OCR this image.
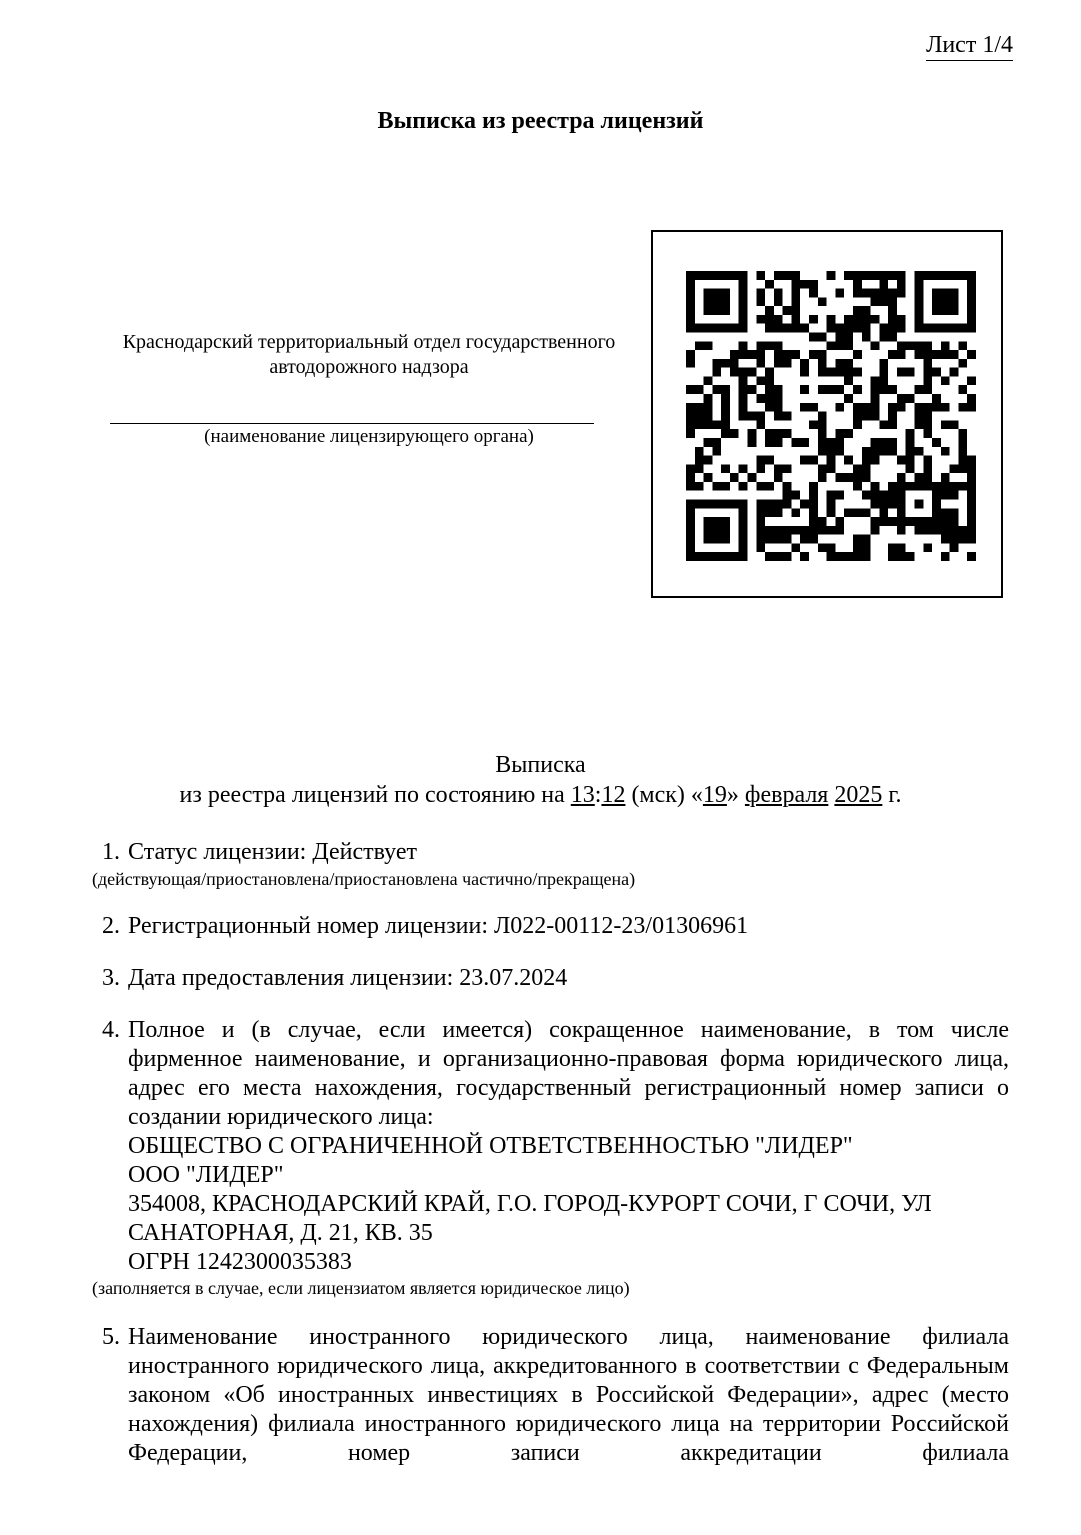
Лист 1/4
Выписка из реестра лицензий
Краснодарский территориальный отдел государственного автодорожного надзора
(наименование лицензирующего органа)
Выписка
из реестра лицензий по состоянию на 13:12 (мск) «19» февраля 2025 г.
1. Статус лицензии: Действует
(действующая/приостановлена/приостановлена частично/прекращена)
2. Регистрационный номер лицензии: Л022-00112-23/01306961
3. Дата предоставления лицензии: 23.07.2024
4. Полное и (в случае, если имеется) сокращенное наименование, в том числе фирменное наименование, и организационно-правовая форма юридического лица, адрес его места нахождения, государственный регистрационный номер записи о создании юридического лица:
ОБЩЕСТВО С ОГРАНИЧЕННОЙ ОТВЕТСТВЕННОСТЬЮ "ЛИДЕР"
ООО "ЛИДЕР"
354008, КРАСНОДАРСКИЙ КРАЙ, Г.О. ГОРОД-КУРОРТ СОЧИ, Г СОЧИ, УЛ САНАТОРНАЯ, Д. 21, КВ. 35
ОГРН 1242300035383
(заполняется в случае, если лицензиатом является юридическое лицо)
5. Наименование иностранного юридического лица, наименование филиала иностранного юридического лица, аккредитованного в соответствии с Федеральным законом «Об иностранных инвестициях в Российской Федерации», адрес (место нахождения) филиала иностранного юридического лица на территории Российской Федерации, номер записи аккредитации филиала
